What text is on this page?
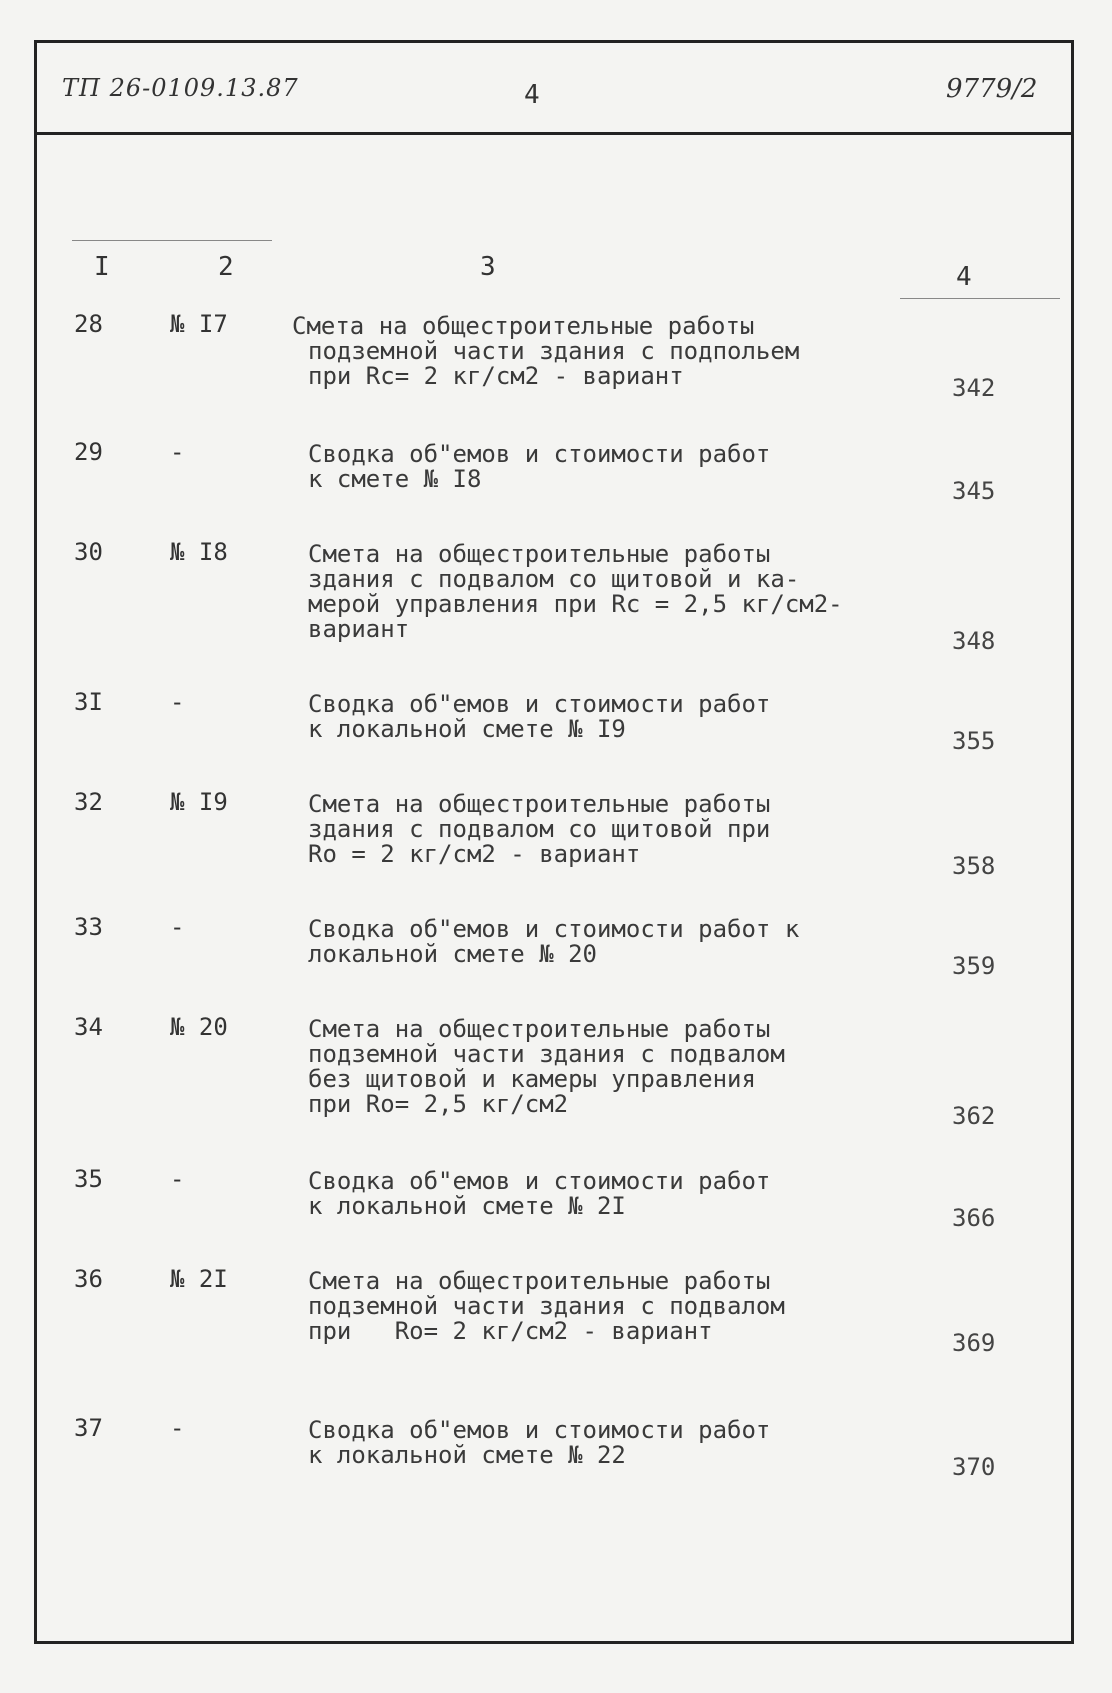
ТП 26-0109.13.87	4	9779/2
I	2	3	4
28	№ I7	Смета на общестроительные работы
подземной части здания с подпольем
при Rс= 2 кг/см2 - вариант	342
29	-	Сводка об"емов и стоимости работ
к смете № I8	345
30	№ I8	Смета на общестроительные работы
здания с подвалом со щитовой и ка-
мерой управления при Rс = 2,5 кг/см2-
вариант	348
3I	-	Сводка об"емов и стоимости работ
к локальной смете № I9	355
32	№ I9	Смета на общестроительные работы
здания с подвалом со щитовой при
Rо = 2 кг/см2 - вариант	358
33	-	Сводка об"емов и стоимости работ к
локальной смете № 20	359
34	№ 20	Смета на общестроительные работы
подземной части здания с подвалом
без щитовой и камеры управления
при Rо= 2,5 кг/см2	362
35	-	Сводка об"емов и стоимости работ
к локальной смете № 2I	366
36	№ 2I	Смета на общестроительные работы
подземной части здания с подвалом
при   Rо= 2 кг/см2 - вариант	369
37	-	Сводка об"емов и стоимости работ
к локальной смете № 22	370
